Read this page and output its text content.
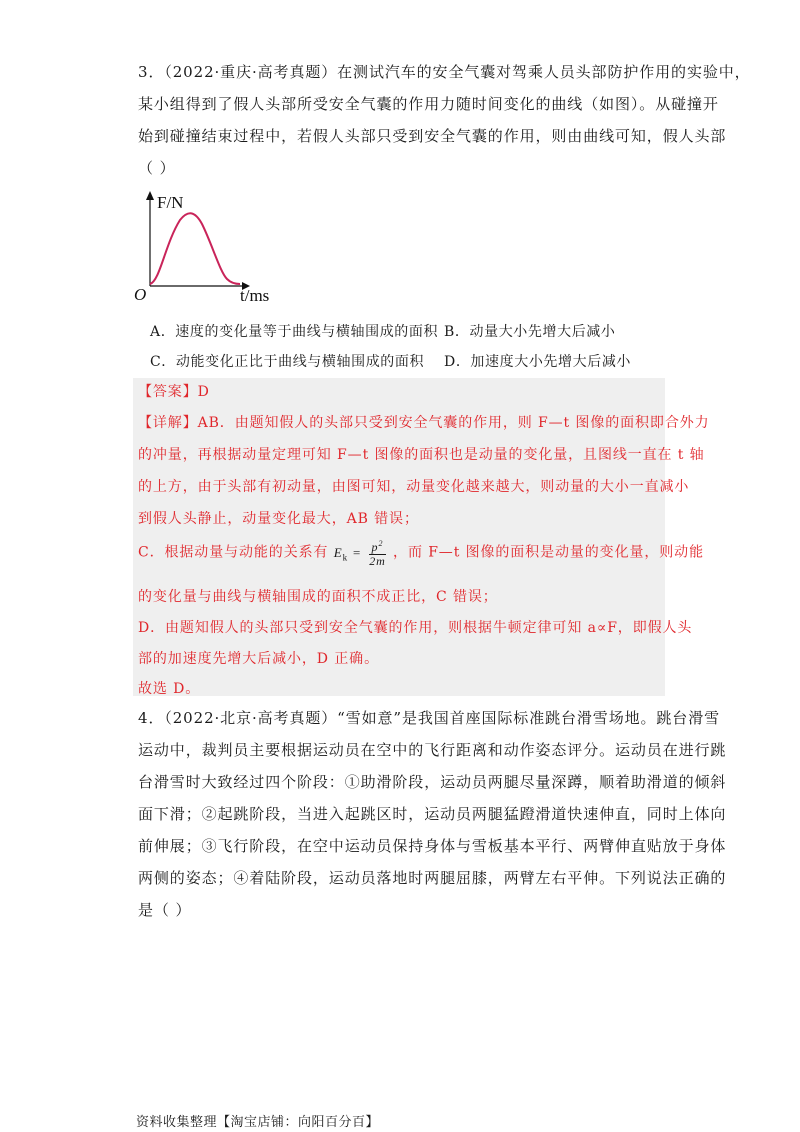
3．（2022·重庆·高考真题）在测试汽车的安全气囊对驾乘人员头部防护作用的实验中，
某小组得到了假人头部所受安全气囊的作用力随时间变化的曲线（如图）。从碰撞开
始到碰撞结束过程中，若假人头部只受到安全气囊的作用，则由曲线可知，假人头部
（ ）
F/N
O	t/ms
A．速度的变化量等于曲线与横轴围成的面积 B．动量大小先增大后减小
C．动能变化正比于曲线与横轴围成的面积 D．加速度大小先增大后减小
【答案】D
【详解】AB．由题知假人的头部只受到安全气囊的作用，则 F—t 图像的面积即合外力
的冲量，再根据动量定理可知 F—t 图像的面积也是动量的变化量，且图线一直在 t 轴
的上方，由于头部有初动量，由图可知，动量变化越来越大，则动量的大小一直减小
到假人头静止，动量变化最大，AB 错误；
C．根据动量与动能的关系有 $E_k = \frac{p^2}{2m}$ ，而 F—t 图像的面积是动量的变化量，则动能
的变化量与曲线与横轴围成的面积不成正比，C 错误；
D．由题知假人的头部只受到安全气囊的作用，则根据牛顿定律可知 a∝F，即假人头
部的加速度先增大后减小，D 正确。
故选 D。
4．（2022·北京·高考真题）“雪如意”是我国首座国际标准跳台滑雪场地。跳台滑雪
运动中，裁判员主要根据运动员在空中的飞行距离和动作姿态评分。运动员在进行跳
台滑雪时大致经过四个阶段：①助滑阶段，运动员两腿尽量深蹲，顺着助滑道的倾斜
面下滑；②起跳阶段，当进入起跳区时，运动员两腿猛蹬滑道快速伸直，同时上体向
前伸展；③飞行阶段，在空中运动员保持身体与雪板基本平行、两臂伸直贴放于身体
两侧的姿态；④着陆阶段，运动员落地时两腿屈膝，两臂左右平伸。下列说法正确的
是（ ）
资料收集整理【淘宝店铺：向阳百分百】
